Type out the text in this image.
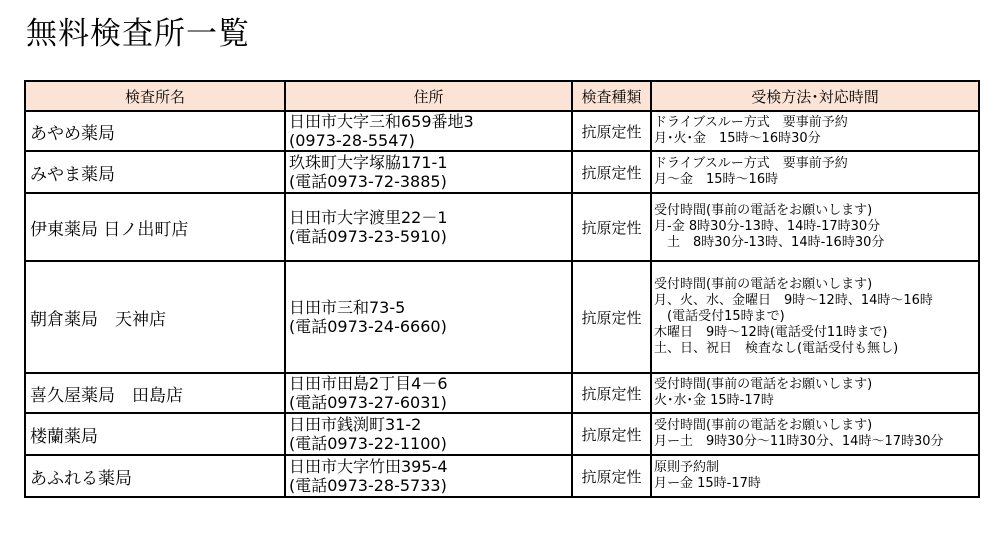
無料検査所一覧
検査所名	住所	検査種類	受検方法･対応時間
あやめ薬局	日田市大字三和659番地3
(0973-28-5547)	抗原定性	ドライブスルー方式　要事前予約
月･火･金　15時～16時30分

みやま薬局	玖珠町大字塚脇171-1
(電話0973-72-3885)	抗原定性	ドライブスルー方式　要事前予約
月～金　15時～16時

伊東薬局 日ノ出町店	日田市大字渡里22－1
(電話0973-23-5910)	抗原定性	受付時間(事前の電話をお願いします)
月-金 8時30分-13時、14時-17時30分
　土　8時30分-13時、14時-16時30分

朝倉薬局　天神店	日田市三和73-5
(電話0973-24-6660)	抗原定性	受付時間(事前の電話をお願いします)
月、火、水、金曜日　9時～12時、14時～16時
　(電話受付15時まで)
木曜日　9時～12時(電話受付11時まで)
土、日、祝日　検査なし(電話受付も無し)

喜久屋薬局　田島店	日田市田島2丁目4－6
(電話0973-27-6031)	抗原定性	受付時間(事前の電話をお願いします)
火･水･金 15時-17時

楼蘭薬局	日田市銭渕町31-2
(電話0973-22-1100)	抗原定性	受付時間(事前の電話をお願いします)
月ー土　9時30分～11時30分、14時～17時30分

あふれる薬局	日田市大字竹田395-4
(電話0973-28-5733)	抗原定性	原則予約制
月ー金 15時-17時
